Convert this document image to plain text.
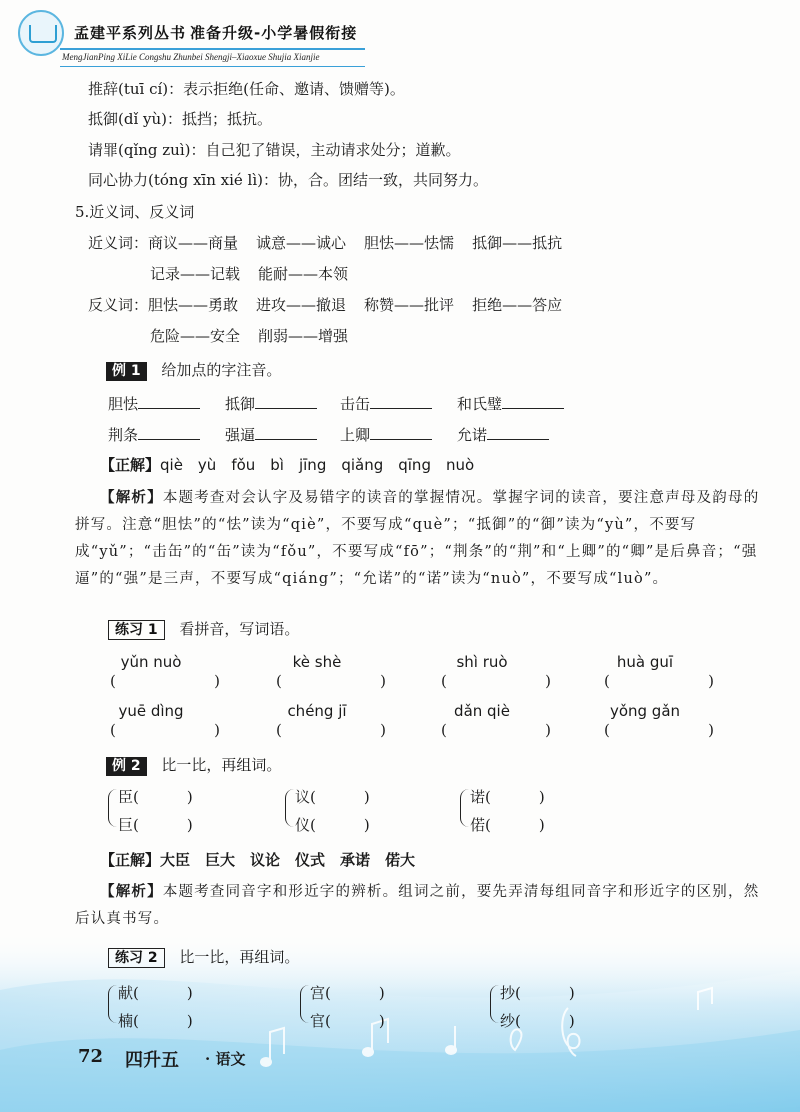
孟建平系列丛书 准备升级-小学暑假衔接
MengJianPing XiLie Congshu Zhunbei Shengji–Xiaoxue Shujia Xianjie
推辞(tuī cí)：表示拒绝(任命、邀请、馈赠等)。
抵御(dǐ yù)：抵挡；抵抗。
请罪(qǐng zuì)：自己犯了错误，主动请求处分；道歉。
同心协力(tóng xīn xié lì)：协，合。团结一致，共同努力。
5.近义词、反义词
近义词：商议——商量 诚意——诚心 胆怯——怯懦 抵御——抵抗
记录——记载 能耐——本领
反义词：胆怯——勇敢 进攻——撤退 称赞——批评 拒绝——答应
危险——安全 削弱——增强
例 1 给加点的字注音。
胆怯	抵御	击缶	和氏璧
荆条	强逼	上卿	允诺
【正解】qiè　yù　fǒu　bì　jīng　qiǎng　qīng　nuò
【解析】本题考查对会认字及易错字的读音的掌握情况。掌握字词的读音，要注意声母及韵母的拼写。注意“胆怯”的“怯”读为“qiè”，不要写成“què”；“抵御”的“御”读为“yù”，不要写成“yǔ”；“击缶”的“缶”读为“fǒu”，不要写成“fō”；“荆条”的“荆”和“上卿”的“卿”是后鼻音；“强逼”的“强”是三声，不要写成“qiáng”；“允诺”的“诺”读为“nuò”，不要写成“luò”。
练习 1 看拼音，写词语。
yǔn nuò	kè shè	shì ruò	huà guī
(	)	(	)	(	)	(	)
yuē dìng	chéng jī	dǎn qiè	yǒng gǎn
(	)	(	)	(	)	(	)
例 2 比一比，再组词。
臣(	)
巨(	)
议(	)
仪(	)
诺(	)
偌(	)
【正解】大臣　巨大　议论　仪式　承诺　偌大
【解析】本题考查同音字和形近字的辨析。组词之前，要先弄清每组同音字和形近字的区别，然后认真书写。
练习 2 比一比，再组词。
献(	)
楠(	)
宫(	)
官(	)
抄(	)
纱(	)
72 四升五 · 语文
